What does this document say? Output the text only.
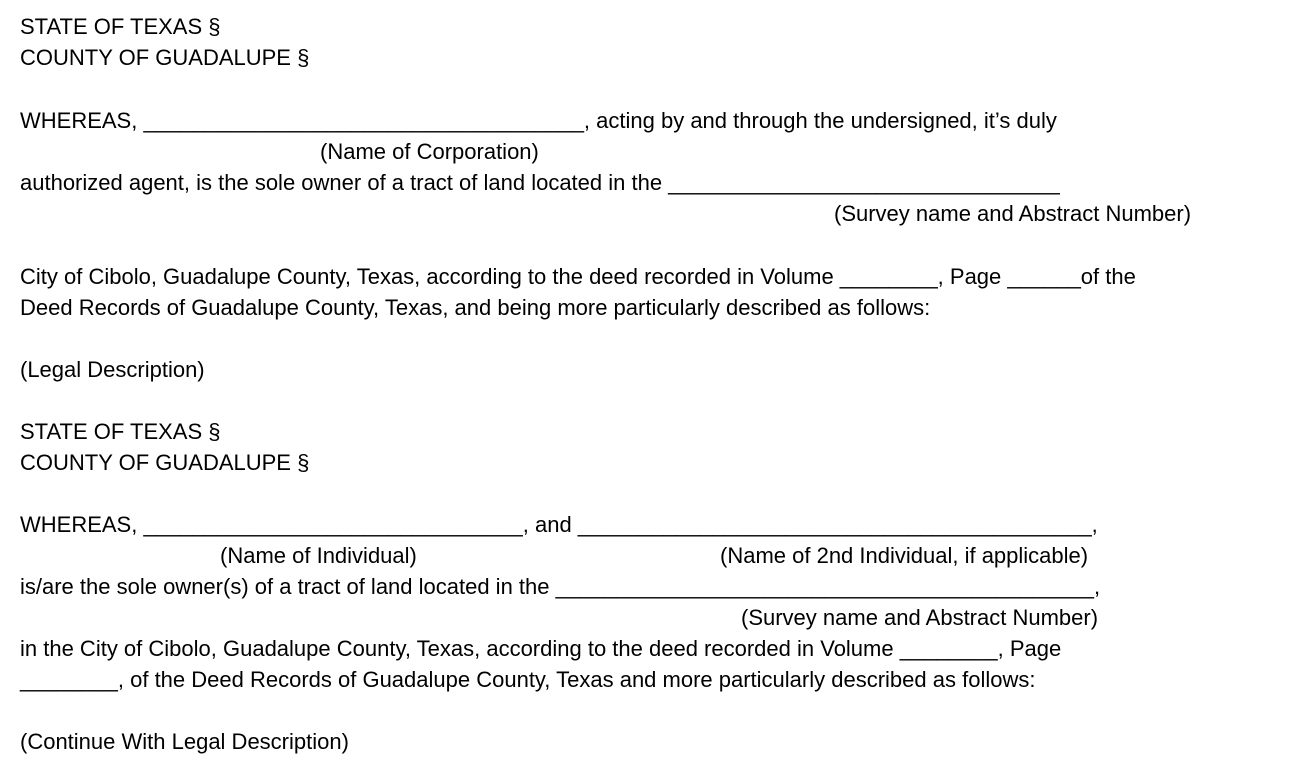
STATE OF TEXAS §
COUNTY OF GUADALUPE §
WHEREAS, ____________________________________, acting by and through the undersigned, it’s duly
(Name of Corporation)
authorized agent, is the sole owner of a tract of land located in the ________________________________
(Survey name and Abstract Number)
City of Cibolo, Guadalupe County, Texas, according to the deed recorded in Volume ________, Page ______of the
Deed Records of Guadalupe County, Texas, and being more particularly described as follows:
(Legal Description)
STATE OF TEXAS §
COUNTY OF GUADALUPE §
WHEREAS, _______________________________, and __________________________________________,
(Name of Individual)	(Name of 2nd Individual, if applicable)
is/are the sole owner(s) of a tract of land located in the ____________________________________________,
(Survey name and Abstract Number)
in the City of Cibolo, Guadalupe County, Texas, according to the deed recorded in Volume ________, Page
________, of the Deed Records of Guadalupe County, Texas and more particularly described as follows:
(Continue With Legal Description)
